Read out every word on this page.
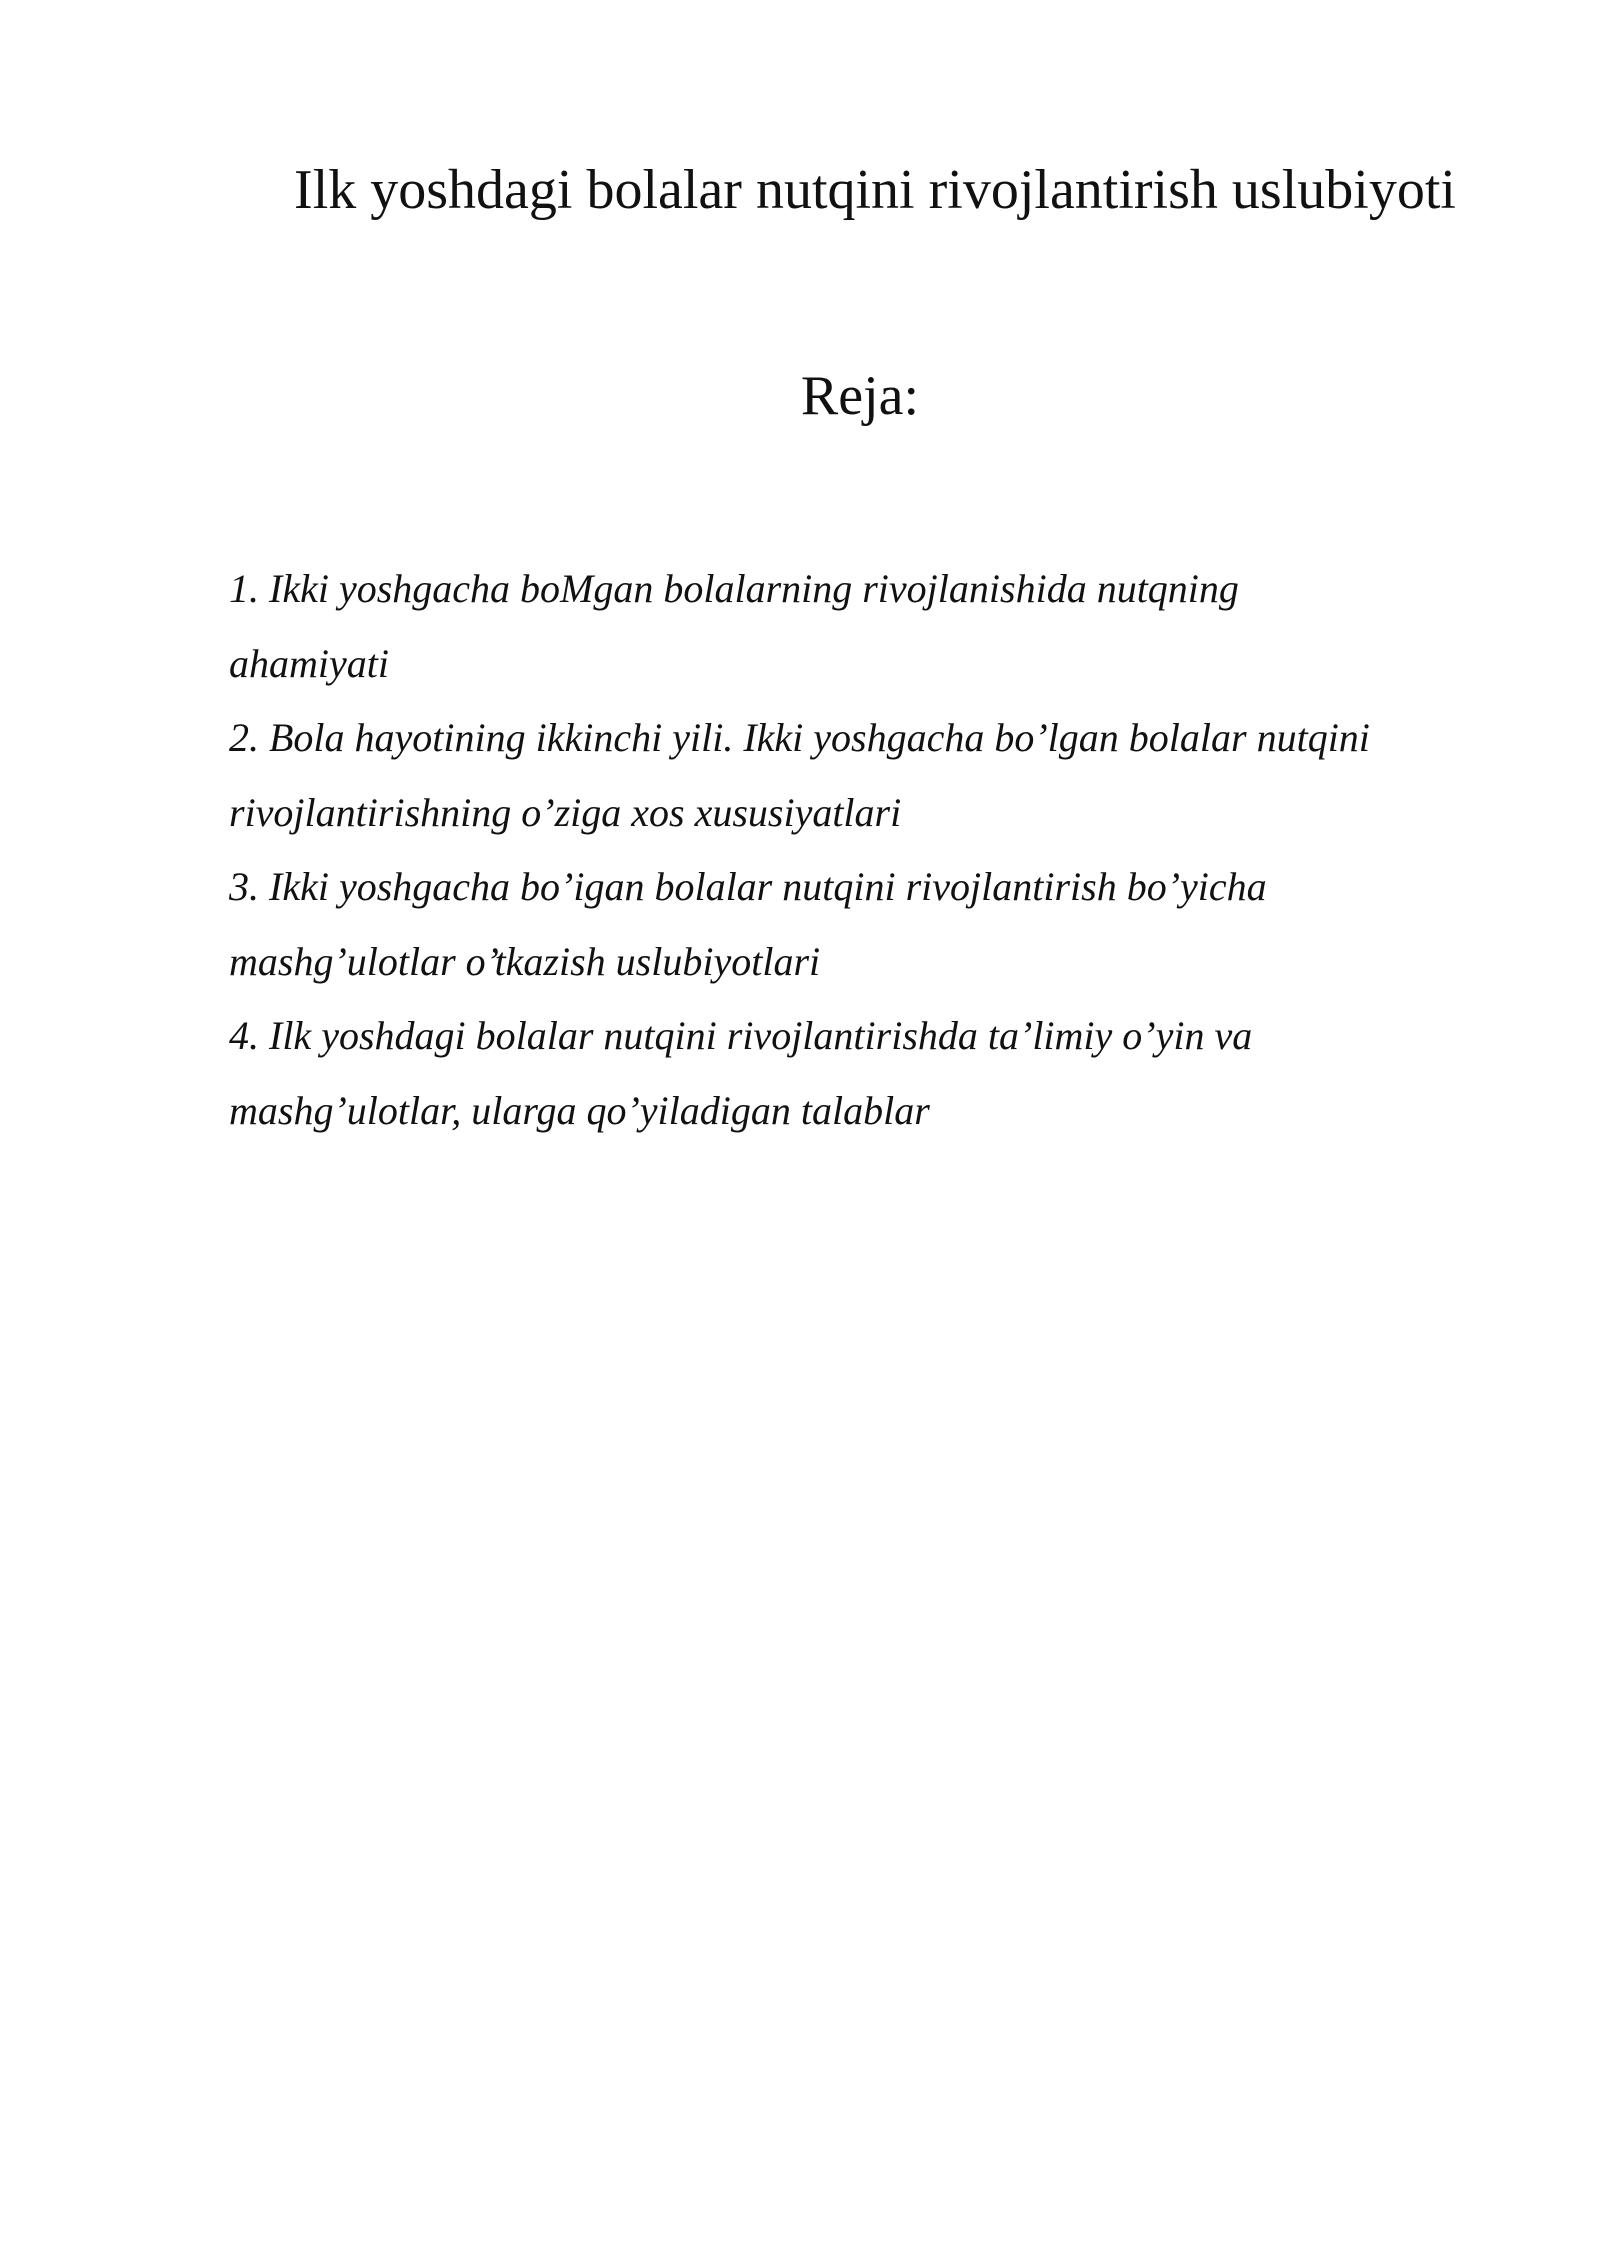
Ilk yoshdagi bolalar nutqini rivojlantirish uslubiyoti
Reja:
1. Ikki yoshgacha boMgan bolalarning rivojlanishida nutqning
ahamiyati
2. Bola hayotining ikkinchi yili. Ikki yoshgacha bo’lgan bolalar nutqini
rivojlantirishning o’ziga xos xususiyatlari
3. Ikki yoshgacha bo’igan bolalar nutqini rivojlantirish bo’yicha
mashg’ulotlar o’tkazish uslubiyotlari
4. Ilk yoshdagi bolalar nutqini rivojlantirishda ta’limiy o’yin va
mashg’ulotlar, ularga qo’yiladigan talablar
